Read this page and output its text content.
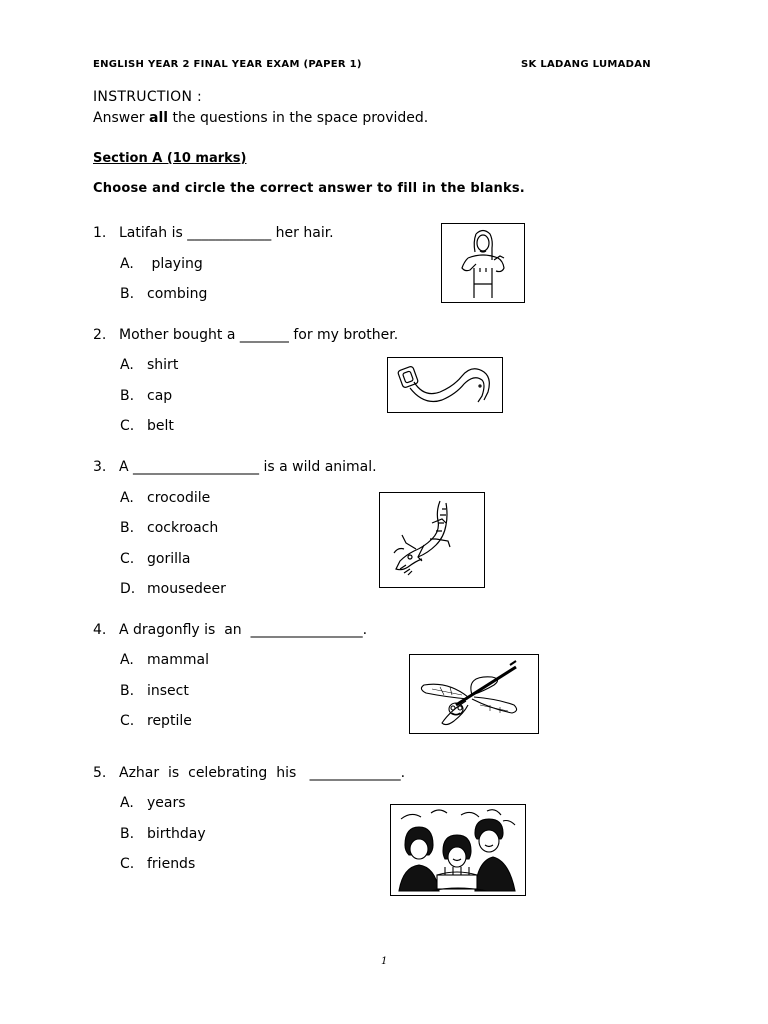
ENGLISH YEAR 2 FINAL YEAR EXAM (PAPER 1)	SK LADANG LUMADAN
INSTRUCTION :
Answer all the questions in the space provided.
Section A (10 marks)
Choose and circle the correct answer to fill in the blanks.
1. Latifah is ____________ her hair.
A. playing
B. combing
2. Mother bought a _______ for my brother.
A. shirt
B. cap
C. belt
3. A __________________ is a wild animal.
A. crocodile
B. cockroach
C. gorilla
D. mousedeer
4. A dragonfly is  an  ________________.
A. mammal
B. insect
C. reptile
5. Azhar  is  celebrating  his   _____________.
A. years
B. birthday
C. friends
1
